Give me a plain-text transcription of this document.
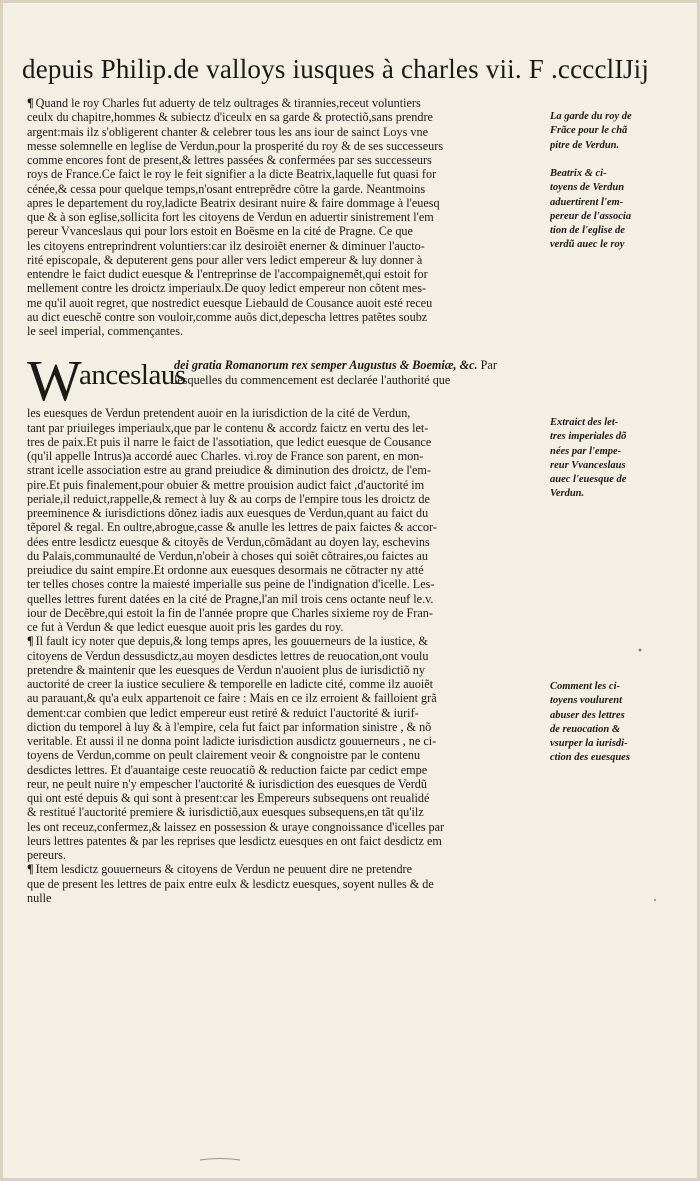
depuis Philip.de valloys iusques à charles vii. F .cccclĲij
¶ Quand le roy Charles fut aduerty de telz oultrages & tirannies,receut voluntiers
ceulx du chapitre,hommes & subiectz d'iceulx en sa garde & protectiõ,sans prendre
argent:mais ilz s'obligerent chanter & celebrer tous les ans iour de sainct Loys vne
messe solemnelle en leglise de Verdun,pour la prosperité du roy & de ses successeurs
comme encores font de present,& lettres passées & confermées par ses successeurs
roys de France.Ce faict le roy le feit signifier a la dicte Beatrix,laquelle fut quasi for
cénée,& cessa pour quelque temps,n'osant entreprẽdre cõtre la garde. Neantmoins
apres le departement du roy,ladicte Beatrix desirant nuire & faire dommage à l'euesq
que & à son eglise,sollicita fort les citoyens de Verdun en aduertir sinistrement l'em
pereur Vvanceslaus qui pour lors estoit en Boësme en la cité de Pragne. Ce que
les citoyens entreprindrent voluntiers:car ilz desiroiẽt enerner & diminuer l'aucto-
rité episcopale, & deputerent gens pour aller vers ledict empereur & luy donner à
entendre le faict dudict euesque & l'entreprinse de l'accompaignemẽt,qui estoit for
mellement contre les droictz imperiaulx.De quoy ledict empereur non cõtent mes-
me qu'il auoit regret, que nostredict euesque Liebauld de Cousance auoit esté receu
au dict eueschẽ contre son vouloir,comme auõs dict,depescha lettres patẽtes soubz
le seel imperial, commençantes.
W
anceslaus
dei gratia Romanorum rex semper Augustus & Boemiæ, &c. Par
lesquelles du commencement est declarée l'authorité que
les euesques de Verdun pretendent auoir en la iurisdiction de la cité de Verdun,
tant par priuileges imperiaulx,que par le contenu & accordz faictz en vertu des let-
tres de paix.Et puis il narre le faict de l'assotiation, que ledict euesque de Cousance
(qu'il appelle Intrus)a accordé auec Charles. vi.roy de France son parent, en mon-
strant icelle association estre au grand preiudice & diminution des droictz, de l'em-
pire.Et puis finalement,pour obuier & mettre prouision audict faict ,d'auctorité im
periale,il reduict,rappelle,& remect à luy & au corps de l'empire tous les droictz de
preeminence & iurisdictions dõnez iadis aux euesques de Verdun,quant au faict du
tẽporel & regal. En oultre,abrogue,casse & anulle les lettres de paix faictes & accor-
dées entre lesdictz euesque & citoyẽs de Verdun,cõmãdant au doyen lay, eschevins
du Palais,communaulté de Verdun,n'obeir à choses qui soiẽt cõtraires,ou faictes au
preiudice du saint empire.Et ordonne aux euesques desormais ne cõtracter ny atté
ter telles choses contre la maiesté imperialle sus peine de l'indignation d'icelle. Les-
quelles lettres furent datées en la cité de Pragne,l'an mil trois cens octante neuf le.v.
iour de Decẽbre,qui estoit la fin de l'année propre que Charles sixieme roy de Fran-
ce fut à Verdun & que ledict euesque auoit pris les gardes du roy.
¶ Il fault icy noter que depuis,& long temps apres, les gouuerneurs de la iustice, &
citoyens de Verdun dessusdictz,au moyen desdictes lettres de reuocation,ont voulu
pretendre & maintenir que les euesques de Verdun n'auoient plus de iurisdictiõ ny
auctorité de creer la iustice seculiere & temporelle en ladicte cité, comme ilz auoiẽt
au parauant,& qu'a eulx appartenoit ce faire : Mais en ce ilz erroient & failloient grã
dement:car combien que ledict empereur eust retiré & reduict l'auctorité & iurif-
diction du temporel à luy & à l'empire, cela fut faict par information sinistre , & nõ
veritable. Et aussi il ne donna point ladicte iurisdiction ausdictz gouuerneurs , ne ci-
toyens de Verdun,comme on peult clairement veoir & congnoistre par le contenu
desdictes lettres. Et d'auantaige ceste reuocatiõ & reduction faicte par cedict empe
reur, ne peult nuire n'y empescher l'auctorité & iurisdiction des euesques de Verdũ
qui ont esté depuis & qui sont à present:car les Empereurs subsequens ont reualidé
& restitué l'auctorité premiere & iurisdictiõ,aux euesques subsequens,en tãt qu'ilz
les ont receuz,confermez,& laissez en possession & uraye congnoissance d'icelles par
leurs lettres patentes & par les reprises que lesdictz euesques en ont faict desdictz em
pereurs.
¶ Item lesdictz gouuerneurs & citoyens de Verdun ne peuuent dire ne pretendre
que de present les lettres de paix entre eulx & lesdictz euesques, soyent nulles & de
nulle
La garde du roy de
Frãce pour le chã
pitre de Verdun.
Beatrix & ci-
toyens de Verdun
aduertirent l'em-
pereur de l'associa
tion de l'eglise de
verdũ auec le roy
Extraict des let-
tres imperiales dõ
nées par l'empe-
reur Vvanceslaus
auec l'euesque de
Verdun.
Comment les ci-
toyens voulurent
abuser des lettres
de reuocation &
vsurper la iurisdi-
ction des euesques
